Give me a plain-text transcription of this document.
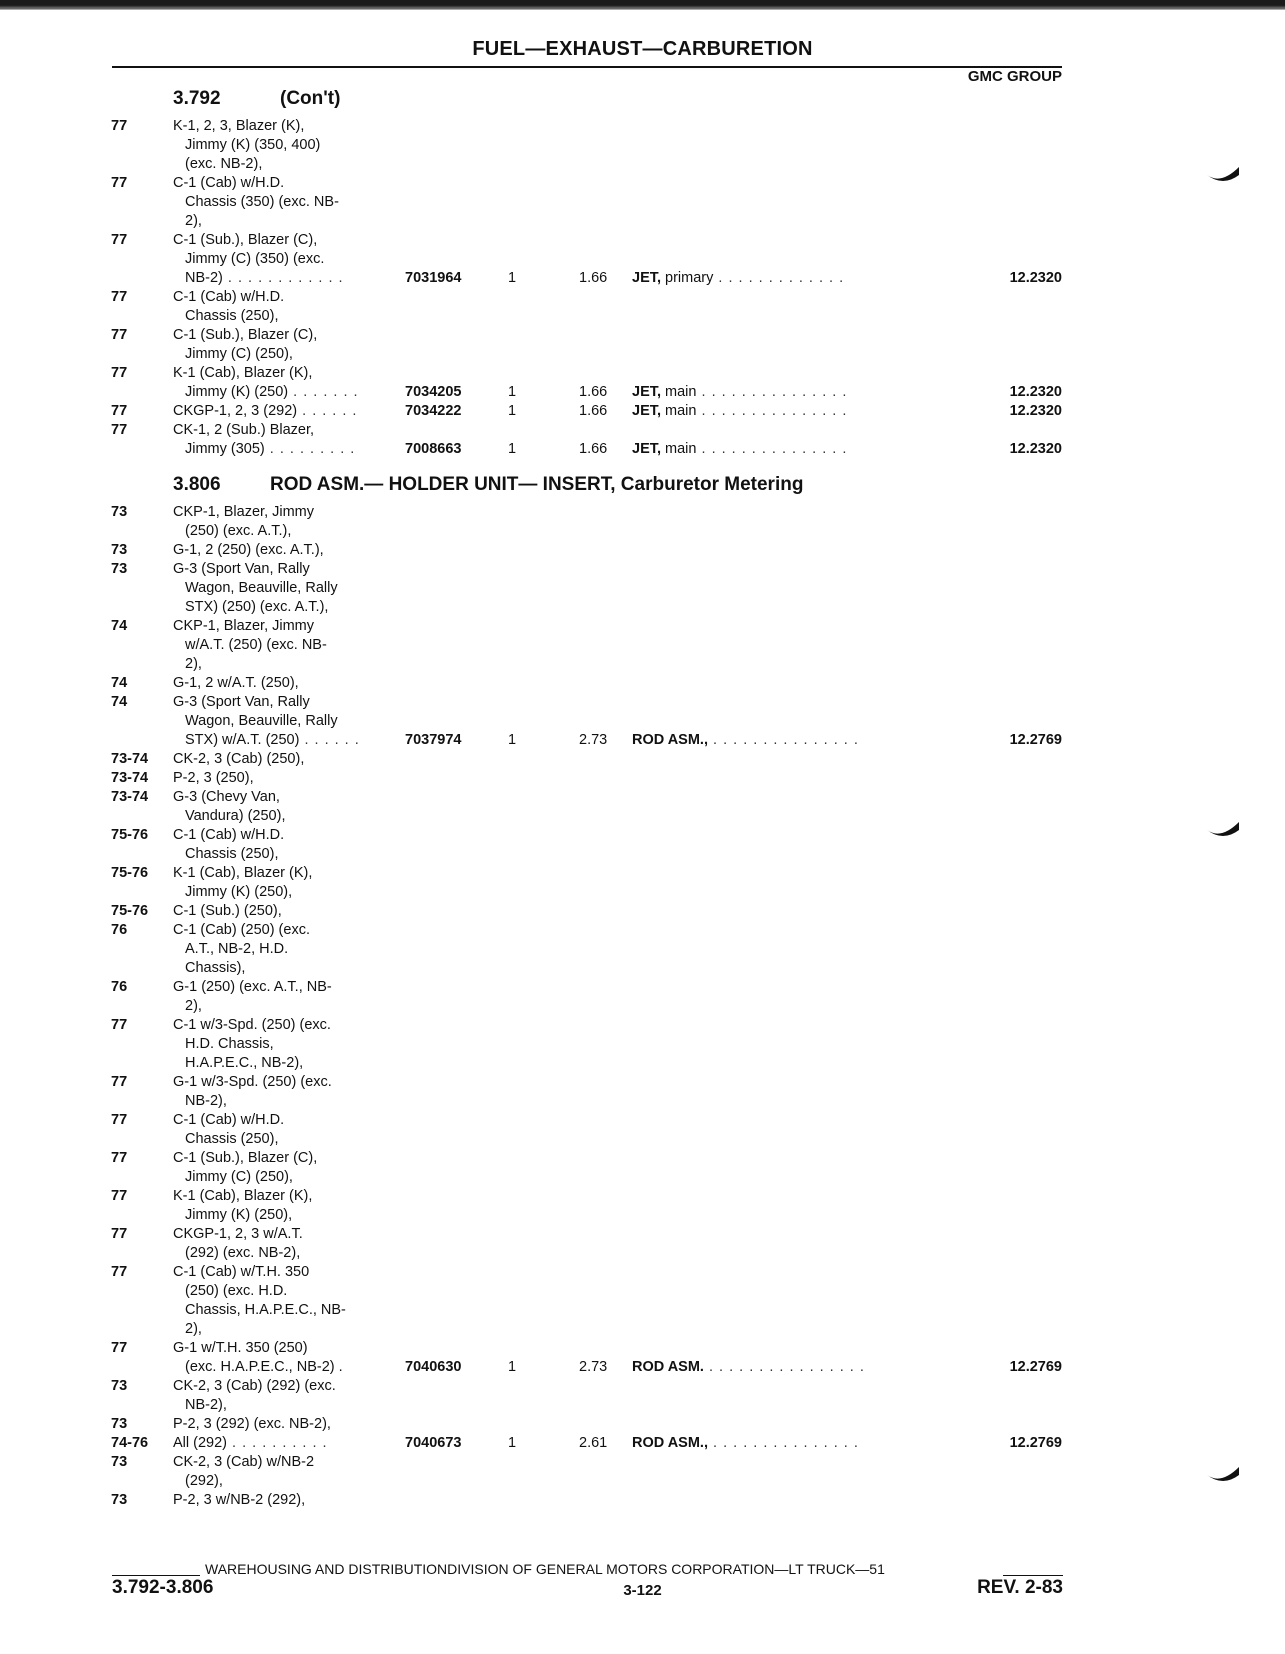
FUEL—EXHAUST—CARBURETION
GMC GROUP
3.792	(Con't)
77	K-1, 2, 3, Blazer (K),
Jimmy (K) (350, 400)
(exc. NB-2),
77	C-1 (Cab) w/H.D.
Chassis (350) (exc. NB-
2),
77	C-1 (Sub.), Blazer (C),
Jimmy (C) (350) (exc.
NB-2) . . . . . . . . . . . .	7031964	1	1.66 JET, primary . . . . . . . . . . . . .	12.2320
77	C-1 (Cab) w/H.D.
Chassis (250),
77	C-1 (Sub.), Blazer (C),
Jimmy (C) (250),
77	K-1 (Cab), Blazer (K),
Jimmy (K) (250) . . . . . . .	7034205	1	1.66 JET, main . . . . . . . . . . . . . . .	12.2320
77	CKGP-1, 2, 3 (292) . . . . . .	7034222	1	1.66 JET, main . . . . . . . . . . . . . . .	12.2320
77	CK-1, 2 (Sub.) Blazer,
Jimmy (305) . . . . . . . . .	7008663	1	1.66 JET, main . . . . . . . . . . . . . . .	12.2320
3.806	ROD ASM.— HOLDER UNIT— INSERT, Carburetor Metering
73	CKP-1, Blazer, Jimmy
(250) (exc. A.T.),
73	G-1, 2 (250) (exc. A.T.),
73	G-3 (Sport Van, Rally
Wagon, Beauville, Rally
STX) (250) (exc. A.T.),
74	CKP-1, Blazer, Jimmy
w/A.T. (250) (exc. NB-
2),
74	G-1, 2 w/A.T. (250),
74	G-3 (Sport Van, Rally
Wagon, Beauville, Rally
STX) w/A.T. (250) . . . . . .	7037974	1	2.73 ROD ASM., . . . . . . . . . . . . . . .	12.2769
73-74 CK-2, 3 (Cab) (250),
73-74 P-2, 3 (250),
73-74 G-3 (Chevy Van,
Vandura) (250),
75-76 C-1 (Cab) w/H.D.
Chassis (250),
75-76 K-1 (Cab), Blazer (K),
Jimmy (K) (250),
75-76 C-1 (Sub.) (250),
76	C-1 (Cab) (250) (exc.
A.T., NB-2, H.D.
Chassis),
76	G-1 (250) (exc. A.T., NB-
2),
77	C-1 w/3-Spd. (250) (exc.
H.D. Chassis,
H.A.P.E.C., NB-2),
77	G-1 w/3-Spd. (250) (exc.
NB-2),
77	C-1 (Cab) w/H.D.
Chassis (250),
77	C-1 (Sub.), Blazer (C),
Jimmy (C) (250),
77	K-1 (Cab), Blazer (K),
Jimmy (K) (250),
77	CKGP-1, 2, 3 w/A.T.
(292) (exc. NB-2),
77	C-1 (Cab) w/T.H. 350
(250) (exc. H.D.
Chassis, H.A.P.E.C., NB-
2),
77	G-1 w/T.H. 350 (250)
(exc. H.A.P.E.C., NB-2) .	7040630	1	2.73 ROD ASM. . . . . . . . . . . . . . . . .	12.2769
73	CK-2, 3 (Cab) (292) (exc.
NB-2),
73	P-2, 3 (292) (exc. NB-2),
74-76 All (292) . . . . . . . . . .	7040673	1	2.61 ROD ASM., . . . . . . . . . . . . . . .	12.2769
73	CK-2, 3 (Cab) w/NB-2
(292),
73	P-2, 3 w/NB-2 (292),
WAREHOUSING AND DISTRIBUTIONDIVISION OF GENERAL MOTORS CORPORATION—LT TRUCK—51
3.792-3.806	3-122	REV. 2-83
